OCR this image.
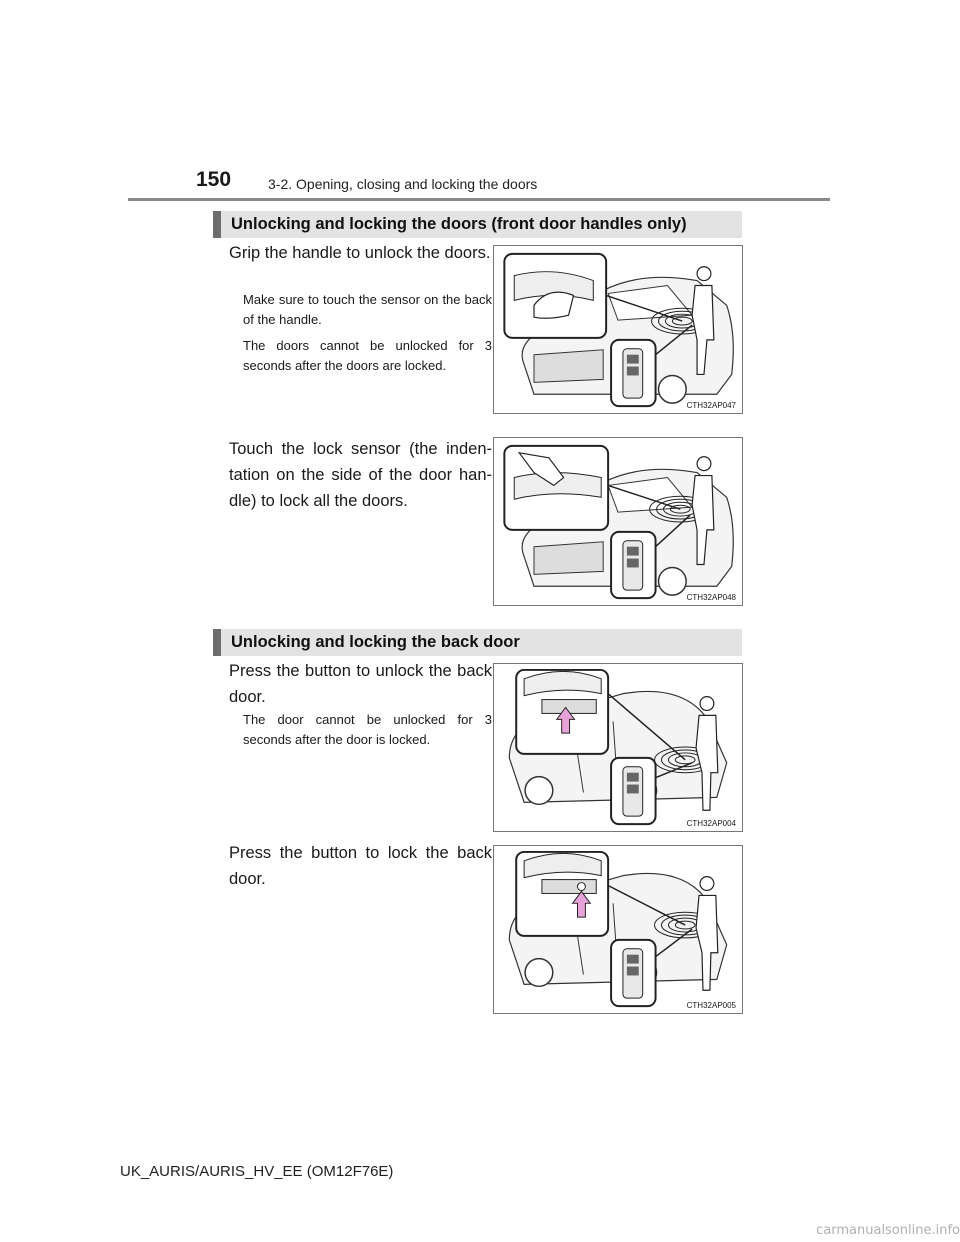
150	3-2. Opening, closing and locking the doors
Unlocking and locking the doors (front door handles only)
Grip the handle to unlock the doors.
Make sure to touch the sensor on the back of the handle.
The doors cannot be unlocked for 3 seconds after the doors are locked.
CTH32AP047
Touch the lock sensor (the inden- tation on the side of the door han- dle) to lock all the doors.
CTH32AP048
Unlocking and locking the back door
Press the button to unlock the back door.
The door cannot be unlocked for 3 seconds after the door is locked.
CTH32AP004
Press the button to lock the back door.
CTH32AP005
UK_AURIS/AURIS_HV_EE (OM12F76E)
carmanualsonline.info
